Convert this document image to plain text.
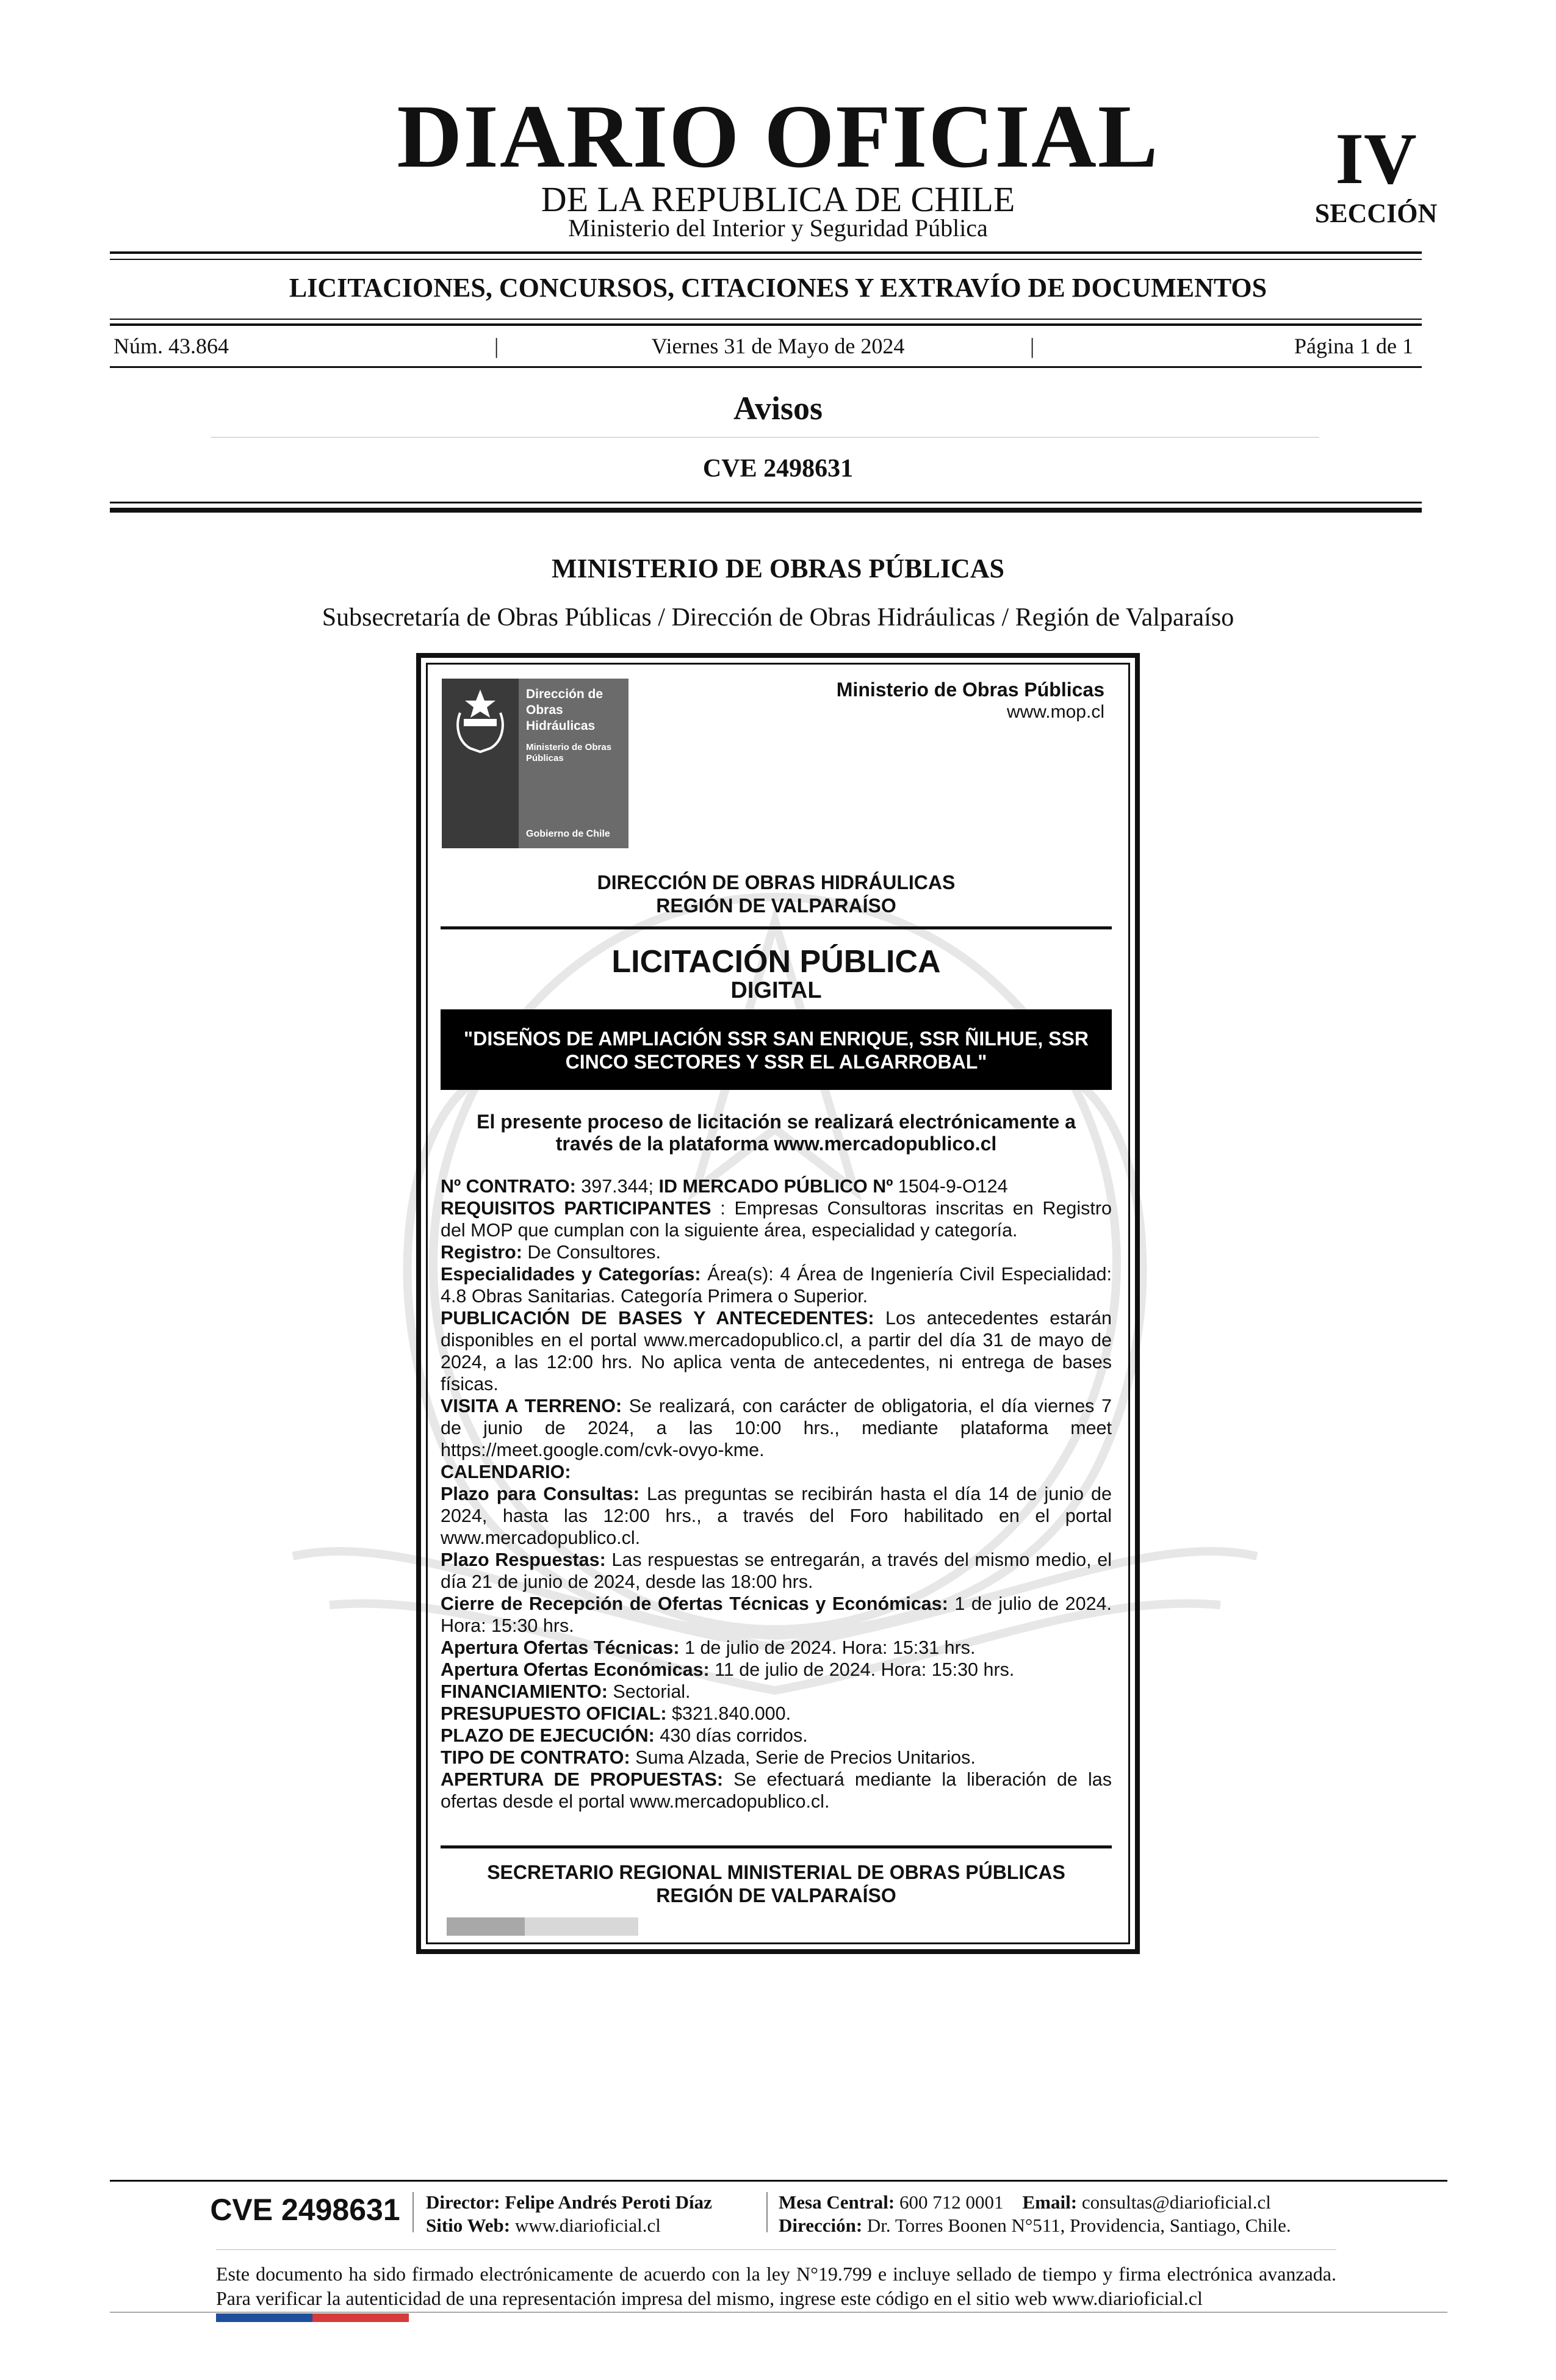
DIARIO OFICIAL
DE LA REPUBLICA DE CHILE
Ministerio del Interior y Seguridad Pública
IV
SECCIÓN
LICITACIONES, CONCURSOS, CITACIONES Y EXTRAVÍO DE DOCUMENTOS
Núm. 43.864	|	Viernes 31 de Mayo de 2024	|	Página 1 de 1
Avisos
CVE 2498631
MINISTERIO DE OBRAS PÚBLICAS
Subsecretaría de Obras Públicas / Dirección de Obras Hidráulicas / Región de Valparaíso
Dirección de
Obras
Hidráulicas
Ministerio de Obras
Públicas
Gobierno de Chile
Ministerio de Obras Públicas
www.mop.cl
DIRECCIÓN DE OBRAS HIDRÁULICAS
REGIÓN DE VALPARAÍSO
LICITACIÓN PÚBLICA
DIGITAL
"DISEÑOS DE AMPLIACIÓN SSR SAN ENRIQUE, SSR ÑILHUE, SSR
CINCO SECTORES Y SSR EL ALGARROBAL"
El presente proceso de licitación se realizará electrónicamente a
través de la plataforma www.mercadopublico.cl

Nº CONTRATO: 397.344; ID MERCADO PÚBLICO Nº 1504-9-O124

REQUISITOS PARTICIPANTES : Empresas Consultoras inscritas en Registro del MOP que cumplan con la siguiente área, especialidad y categoría.

Registro: De Consultores.

Especialidades y Categorías: Área(s): 4 Área de Ingeniería Civil Especialidad: 4.8 Obras Sanitarias. Categoría Primera o Superior.

PUBLICACIÓN DE BASES Y ANTECEDENTES: Los antecedentes estarán disponibles en el portal www.mercadopublico.cl, a partir del día 31 de mayo de 2024, a las 12:00 hrs. No aplica venta de antecedentes, ni entrega de bases físicas.

VISITA A TERRENO: Se realizará, con carácter de obligatoria, el día viernes 7 de junio de 2024, a las 10:00 hrs., mediante plataforma meet https://meet.google.com/cvk-ovyo-kme.

CALENDARIO:

Plazo para Consultas: Las preguntas se recibirán hasta el día 14 de junio de 2024, hasta las 12:00 hrs., a través del Foro habilitado en el portal www.mercadopublico.cl.

Plazo Respuestas: Las respuestas se entregarán, a través del mismo medio, el día 21 de junio de 2024, desde las 18:00 hrs.

Cierre de Recepción de Ofertas Técnicas y Económicas: 1 de julio de 2024. Hora: 15:30 hrs.

Apertura Ofertas Técnicas: 1 de julio de 2024. Hora: 15:31 hrs.

Apertura Ofertas Económicas: 11 de julio de 2024. Hora: 15:30 hrs.

FINANCIAMIENTO: Sectorial.

PRESUPUESTO OFICIAL: $321.840.000.

PLAZO DE EJECUCIÓN: 430 días corridos.

TIPO DE CONTRATO: Suma Alzada, Serie de Precios Unitarios.

APERTURA DE PROPUESTAS: Se efectuará mediante la liberación de las ofertas desde el portal www.mercadopublico.cl.

SECRETARIO REGIONAL MINISTERIAL DE OBRAS PÚBLICAS
REGIÓN DE VALPARAÍSO
CVE 2498631 Director: Felipe Andrés Peroti Díaz
Sitio Web: www.diarioficial.cl
Mesa Central: 600 712 0001 Email: consultas@diarioficial.cl
Dirección: Dr. Torres Boonen N°511, Providencia, Santiago, Chile.
Este documento ha sido firmado electrónicamente de acuerdo con la ley N°19.799 e incluye sellado de tiempo y firma electrónica avanzada. Para verificar la autenticidad de una representación impresa del mismo, ingrese este código en el sitio web www.diarioficial.cl
